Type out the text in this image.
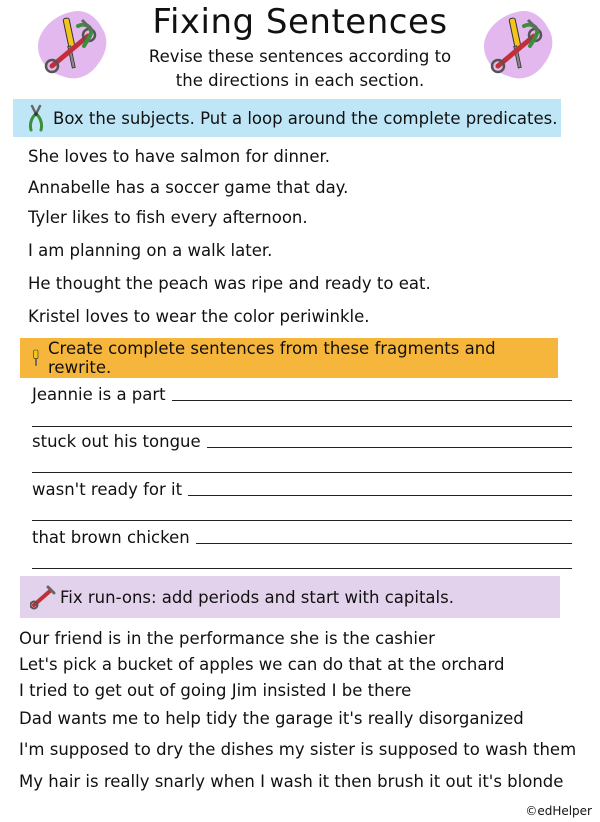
Fixing Sentences
Revise these sentences according to
the directions in each section.
Box the subjects. Put a loop around the complete predicates.
She loves to have salmon for dinner.
Annabelle has a soccer game that day.
Tyler likes to fish every afternoon.
I am planning on a walk later.
He thought the peach was ripe and ready to eat.
Kristel loves to wear the color periwinkle.
Create complete sentences from these fragments and rewrite.
Jeannie is a part
stuck out his tongue
wasn't ready for it
that brown chicken
Fix run-ons: add periods and start with capitals.
Our friend is in the performance she is the cashier
Let's pick a bucket of apples we can do that at the orchard
I tried to get out of going Jim insisted I be there
Dad wants me to help tidy the garage it's really disorganized
I'm supposed to dry the dishes my sister is supposed to wash them
My hair is really snarly when I wash it then brush it out it's blonde
©edHelper
